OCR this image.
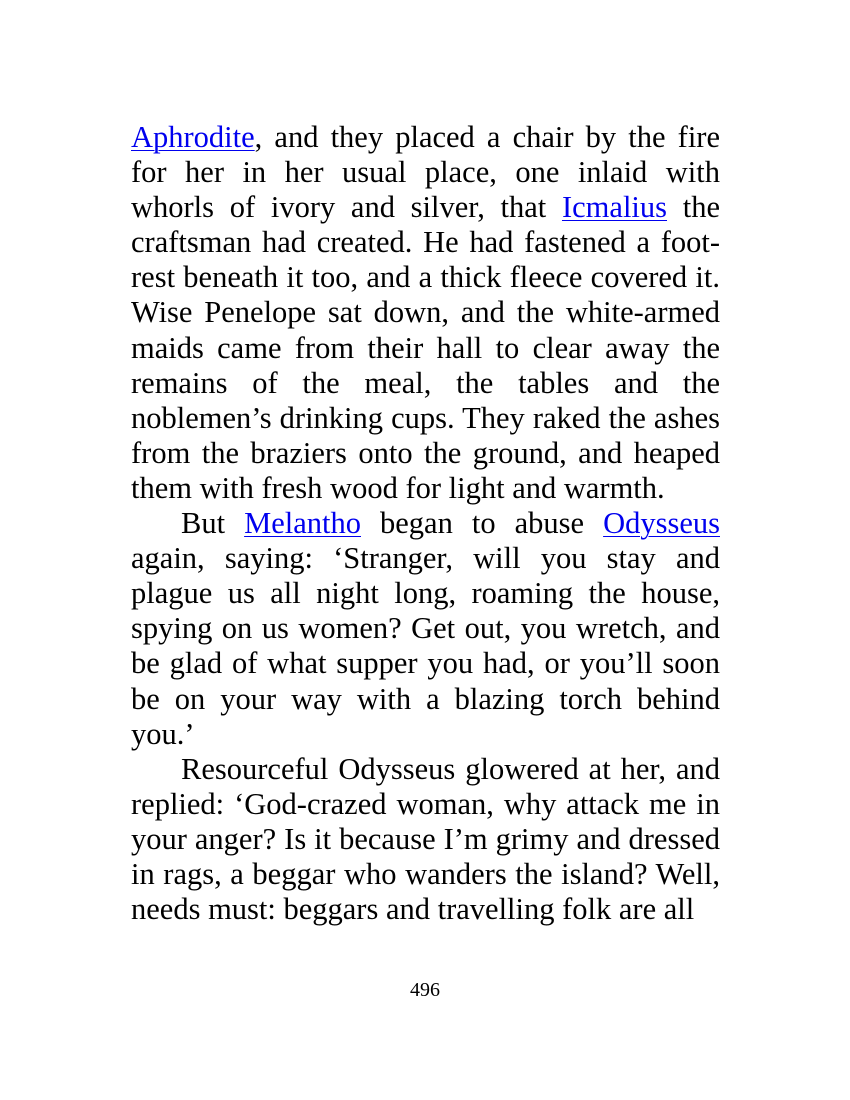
Aphrodite, and they placed a chair by the fire for her in her usual place, one inlaid with whorls of ivory and silver, that Icmalius the craftsman had created. He had fastened a foot-rest beneath it too, and a thick fleece covered it. Wise Penelope sat down, and the white-armed maids came from their hall to clear away the remains of the meal, the tables and the noblemen’s drinking cups. They raked the ashes from the braziers onto the ground, and heaped them with fresh wood for light and warmth.

But Melantho began to abuse Odysseus again, saying: ‘Stranger, will you stay and plague us all night long, roaming the house, spying on us women? Get out, you wretch, and be glad of what supper you had, or you’ll soon be on your way with a blazing torch behind you.’

Resourceful Odysseus glowered at her, and replied: ‘God-crazed woman, why attack me in your anger? Is it because I’m grimy and dressed in rags, a beggar who wanders the island? Well, needs must: beggars and travelling folk are all

496
